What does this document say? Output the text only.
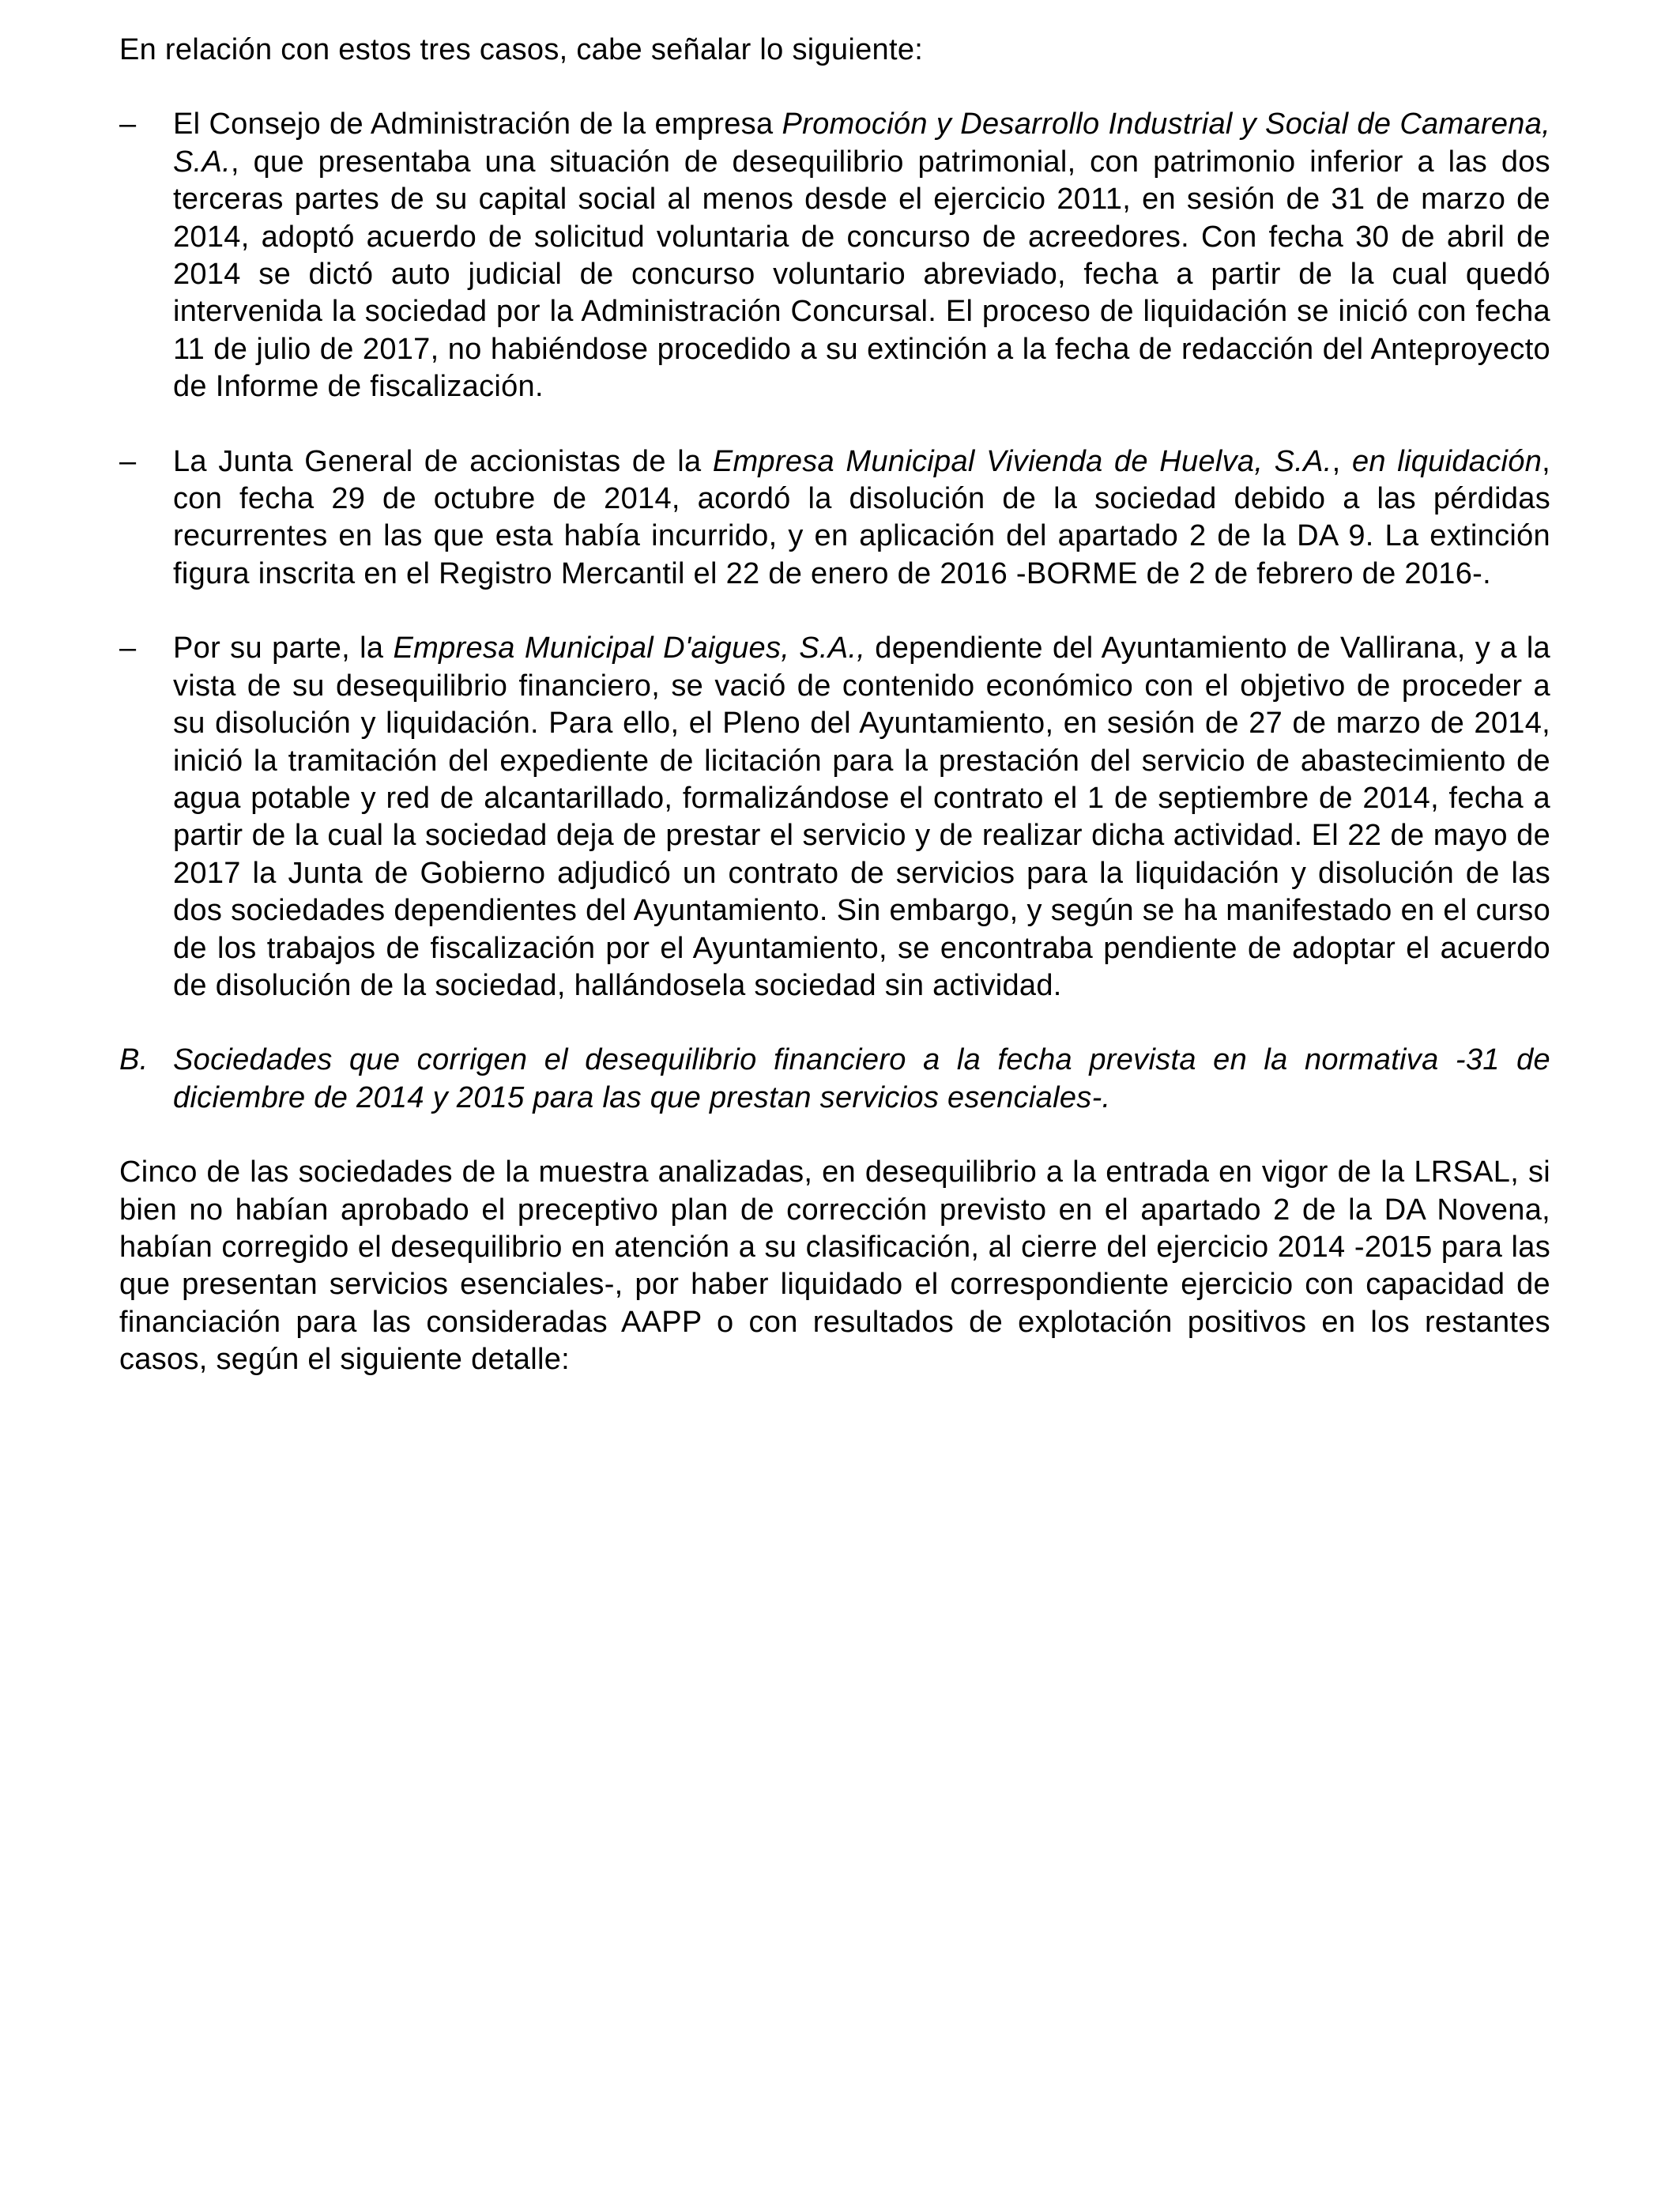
En relación con estos tres casos, cabe señalar lo siguiente:

–	El Consejo de Administración de la empresa Promoción y Desarrollo Industrial y Social de Camarena, S.A., que presentaba una situación de desequilibrio patrimonial, con patrimonio inferior a las dos terceras partes de su capital social al menos desde el ejercicio 2011, en sesión de 31 de marzo de 2014, adoptó acuerdo de solicitud voluntaria de concurso de acreedores. Con fecha 30 de abril de 2014 se dictó auto judicial de concurso voluntario abreviado, fecha a partir de la cual quedó intervenida la sociedad por la Administración Concursal. El proceso de liquidación se inició con fecha 11 de julio de 2017, no habiéndose procedido a su extinción a la fecha de redacción del Anteproyecto de Informe de fiscalización.

–	La Junta General de accionistas de la Empresa Municipal Vivienda de Huelva, S.A., en liquidación, con fecha 29 de octubre de 2014, acordó la disolución de la sociedad debido a las pérdidas recurrentes en las que esta había incurrido, y en aplicación del apartado 2 de la DA 9. La extinción figura inscrita en el Registro Mercantil el 22 de enero de 2016 -BORME de 2 de febrero de 2016-.

–	Por su parte, la Empresa Municipal D'aigues, S.A., dependiente del Ayuntamiento de Vallirana, y a la vista de su desequilibrio financiero, se vació de contenido económico con el objetivo de proceder a su disolución y liquidación. Para ello, el Pleno del Ayuntamiento, en sesión de 27 de marzo de 2014, inició la tramitación del expediente de licitación para la prestación del servicio de abastecimiento de agua potable y red de alcantarillado, formalizándose el contrato el 1 de septiembre de 2014, fecha a partir de la cual la sociedad deja de prestar el servicio y de realizar dicha actividad. El 22 de mayo de 2017 la Junta de Gobierno adjudicó un contrato de servicios para la liquidación y disolución de las dos sociedades dependientes del Ayuntamiento. Sin embargo, y según se ha manifestado en el curso de los trabajos de fiscalización por el Ayuntamiento, se encontraba pendiente de adoptar el acuerdo de disolución de la sociedad, hallándosela sociedad sin actividad.

B. Sociedades que corrigen el desequilibrio financiero a la fecha prevista en la normativa -31 de diciembre de 2014 y 2015 para las que prestan servicios esenciales-.

Cinco de las sociedades de la muestra analizadas, en desequilibrio a la entrada en vigor de la LRSAL, si bien no habían aprobado el preceptivo plan de corrección previsto en el apartado 2 de la DA Novena, habían corregido el desequilibrio en atención a su clasificación, al cierre del ejercicio 2014 -2015 para las que presentan servicios esenciales-, por haber liquidado el correspondiente ejercicio con capacidad de financiación para las consideradas AAPP o con resultados de explotación positivos en los restantes casos, según el siguiente detalle:
